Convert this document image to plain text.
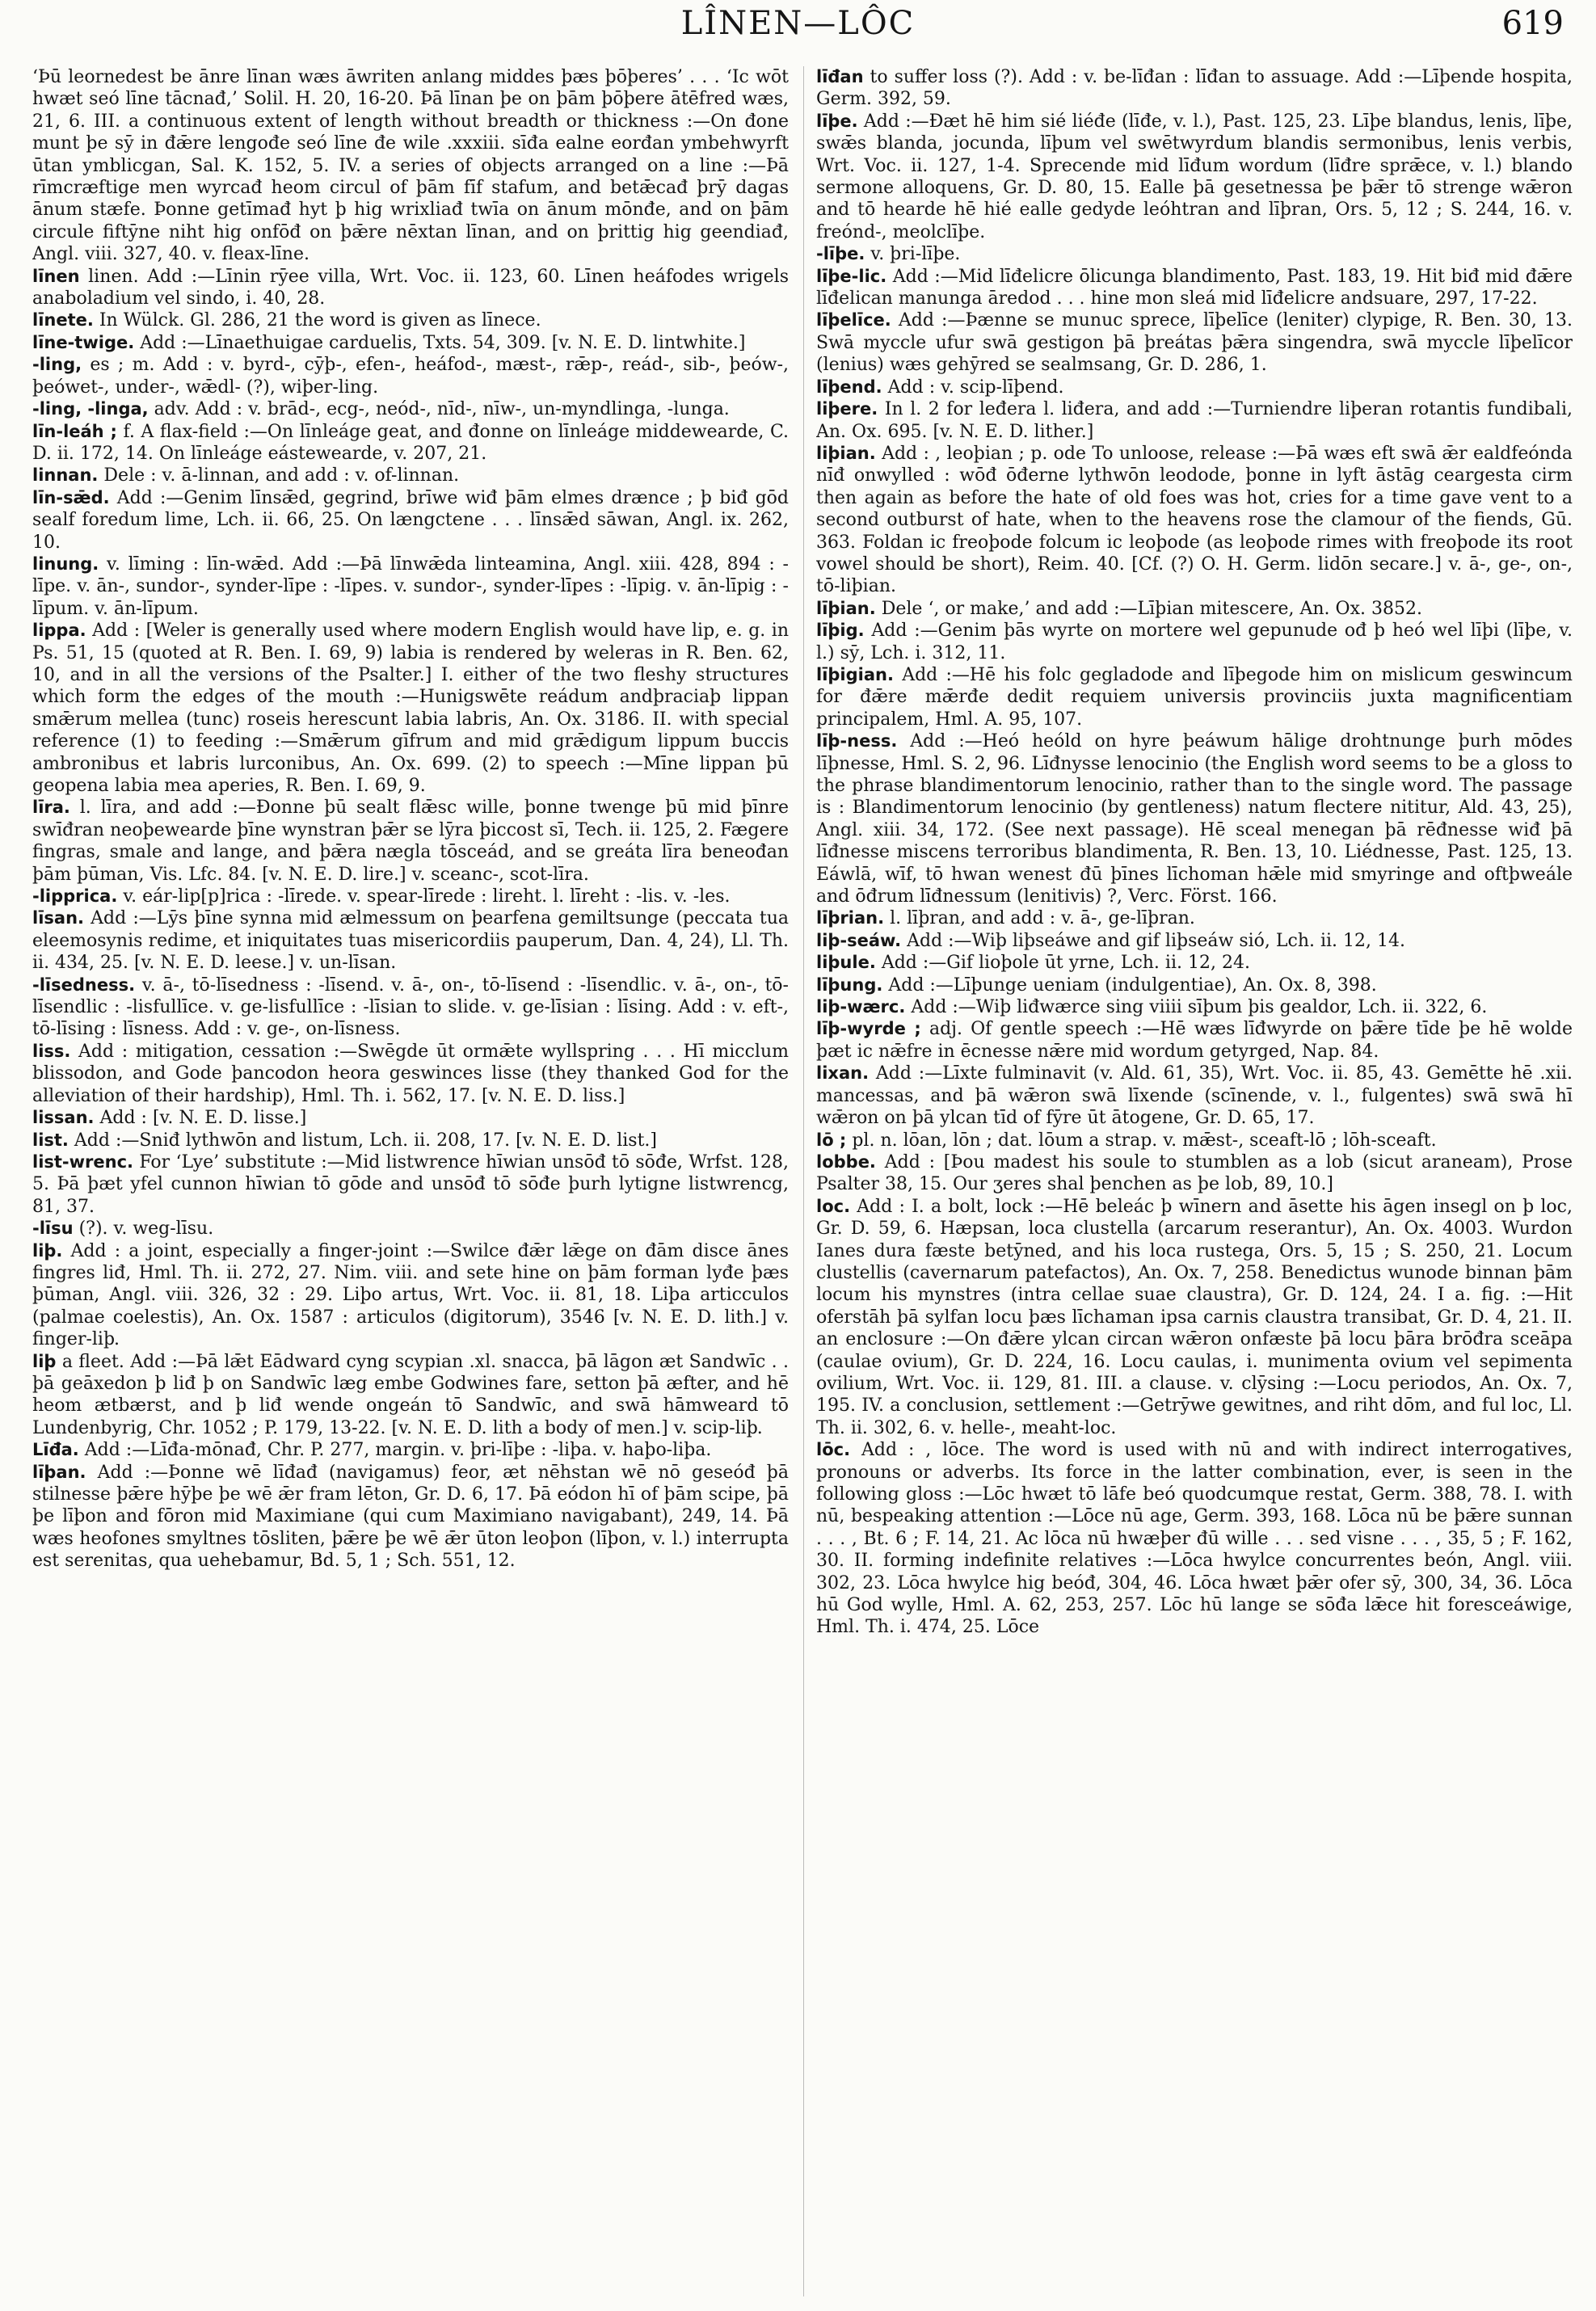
LÎNEN—LÔC	619

‘Þū leornedest be ānre līnan wæs āwriten anlang middes þæs þōþeres’ . . . ‘Ic wōt hwæt seó līne tācnađ,’ Solil. H. 20, 16-20. Þā līnan þe on þām þōþere ātēfred wæs, 21, 6. III. a continuous extent of length without breadth or thickness :—On đone munt þe sȳ in đǣre lengođe seó līne đe wile .xxxiii. sīđa ealne eorđan ymbehwyrft ūtan ymblicgan, Sal. K. 152, 5. IV. a series of objects arranged on a line :—Þā rīmcræftige men wyrcađ heom circul of þām fīf stafum, and betǣcađ þrȳ dagas ānum stæfe. Þonne getīmađ hyt þ hig wrixliađ twīa on ānum mōnđe, and on þām circule fiftȳne niht hig onfōđ on þǣre nēxtan līnan, and on þrittig hig geendiađ, Angl. viii. 327, 40. v. fleax-līne.

līnen linen. Add :—Līnin rȳee villa, Wrt. Voc. ii. 123, 60. Līnen heáfodes wrigels anaboladium vel sindo, i. 40, 28.

līnete. In Wülck. Gl. 286, 21 the word is given as līnece.

līne-twige. Add :—Līnaethuigae carduelis, Txts. 54, 309. [v. N. E. D. lintwhite.]

-ling, es ; m. Add : v. byrd-, cȳþ-, efen-, heáfod-, mæst-, rǣp-, reád-, sib-, þeów-, þeówet-, under-, wǣdl- (?), wiþer-ling.

-ling, -linga, adv. Add : v. brād-, ecg-, neód-, nīd-, nīw-, un-myndlinga, -lunga.

līn-leáh ; f. A flax-field :—On līnleáge geat, and đonne on līnleáge middewearde, C. D. ii. 172, 14. On līnleáge eástewearde, v. 207, 21.

linnan. Dele : v. ā-linnan, and add : v. of-linnan.

līn-sǣd. Add :—Genim līnsǣd, gegrind, brīwe wiđ þām elmes drænce ; þ biđ gōd sealf foredum lime, Lch. ii. 66, 25. On længctene . . . līnsǣd sāwan, Angl. ix. 262, 10.

linung. v. līming : līn-wǣd. Add :—Þā līnwǣda linteamina, Angl. xiii. 428, 894 : -līpe. v. ān-, sundor-, synder-līpe : -līpes. v. sundor-, synder-līpes : -līpig. v. ān-līpig : -līpum. v. ān-līpum.

lippa. Add : [Weler is generally used where modern English would have lip, e. g. in Ps. 51, 15 (quoted at R. Ben. I. 69, 9) labia is rendered by weleras in R. Ben. 62, 10, and in all the versions of the Psalter.] I. either of the two fleshy structures which form the edges of the mouth :—Hunigswēte reádum andþraciaþ lippan smǣrum mellea (tunc) roseis herescunt labia labris, An. Ox. 3186. II. with special reference (1) to feeding :—Smǣrum gīfrum and mid grǣdigum lippum buccis ambronibus et labris lurconibus, An. Ox. 699. (2) to speech :—Mīne lippan þū geopena labia mea aperies, R. Ben. I. 69, 9.

līra. l. līra, and add :—Đonne þū sealt flǣsc wille, þonne twenge þū mid þīnre swīđran neoþewearde þīne wynstran þǣr se lȳra þiccost sī, Tech. ii. 125, 2. Fægere fingras, smale and lange, and þǣra nægla tōsceád, and se greáta līra beneođan þām þūman, Vis. Lfc. 84. [v. N. E. D. lire.] v. sceanc-, scot-līra.

-lipprica. v. eár-lip[p]rica : -līrede. v. spear-līrede : lireht. l. līreht : -lis. v. -les.

līsan. Add :—Lȳs þīne synna mid ælmessum on þearfena gemiltsunge (peccata tua eleemosynis redime, et iniquitates tuas misericordiis pauperum, Dan. 4, 24), Ll. Th. ii. 434, 25. [v. N. E. D. leese.] v. un-līsan.

-līsedness. v. ā-, tō-līsedness : -līsend. v. ā-, on-, tō-līsend : -līsendlic. v. ā-, on-, tō-līsendlic : -lisfullīce. v. ge-lisfullīce : -līsian to slide. v. ge-līsian : līsing. Add : v. eft-, tō-līsing : līsness. Add : v. ge-, on-līsness.

liss. Add : mitigation, cessation :—Swēgde ūt ormǣte wyllspring . . . Hī micclum blissodon, and Gode þancodon heora geswinces lisse (they thanked God for the alleviation of their hardship), Hml. Th. i. 562, 17. [v. N. E. D. liss.]

lissan. Add : [v. N. E. D. lisse.]

list. Add :—Sniđ lythwōn and listum, Lch. ii. 208, 17. [v. N. E. D. list.]

list-wrenc. For ‘Lye’ substitute :—Mid listwrence hīwian unsōđ tō sōđe, Wrfst. 128, 5. Þā þæt yfel cunnon hīwian tō gōde and unsōđ tō sōđe þurh lytigne listwrencg, 81, 37.

-līsu (?). v. weg-līsu.

liþ. Add : a joint, especially a finger-joint :—Swilce đǣr lǣge on đām disce ānes fingres liđ, Hml. Th. ii. 272, 27. Nim. viii. and sete hine on þām forman lyđe þæs þūman, Angl. viii. 326, 32 : 29. Liþo artus, Wrt. Voc. ii. 81, 18. Liþa articculos (palmae coelestis), An. Ox. 1587 : articulos (digitorum), 3546 [v. N. E. D. lith.] v. finger-liþ.

liþ a fleet. Add :—Þā lǣt Eādward cyng scypian .xl. snacca, þā lāgon æt Sandwīc . . þā geāxedon þ liđ þ on Sandwīc læg embe Godwines fare, setton þā æfter, and hē heom ætbærst, and þ liđ wende ongeán tō Sandwīc, and swā hāmweard tō Lundenbyrig, Chr. 1052 ; P. 179, 13-22. [v. N. E. D. lith a body of men.] v. scip-liþ.

Līđa. Add :—Līđa-mōnađ, Chr. P. 277, margin. v. þri-līþe : -liþa. v. haþo-liþa.

līþan. Add :—Þonne wē līđađ (navigamus) feor, æt nēhstan wē nō geseóđ þā stilnesse þǣre hȳþe þe wē ǣr fram lēton, Gr. D. 6, 17. Þā eódon hī of þām scipe, þā þe līþon and fōron mid Maximiane (qui cum Maximiano navigabant), 249, 14. Þā wæs heofones smyltnes tōsliten, þǣre þe wē ǣr ūton leoþon (līþon, v. l.) interrupta est serenitas, qua uehebamur, Bd. 5, 1 ; Sch. 551, 12.

līđan to suffer loss (?). Add : v. be-līđan : līđan to assuage. Add :—Līþende hospita, Germ. 392, 59.

līþe. Add :—Đæt hē him sié liéđe (līđe, v. l.), Past. 125, 23. Līþe blandus, lenis, līþe, swǣs blanda, jocunda, līþum vel swētwyrdum blandis sermonibus, lenis verbis, Wrt. Voc. ii. 127, 1-4. Sprecende mid līđum wordum (līđre sprǣce, v. l.) blando sermone alloquens, Gr. D. 80, 15. Ealle þā gesetnessa þe þǣr tō strenge wǣron and tō hearde hē hié ealle gedyde leóhtran and līþran, Ors. 5, 12 ; S. 244, 16. v. freónd-, meolclīþe.

-līþe. v. þri-līþe.

līþe-lic. Add :—Mid līđelicre ōlicunga blandimento, Past. 183, 19. Hit biđ mid đǣre līđelican manunga āredod . . . hine mon sleá mid līđelicre andsuare, 297, 17-22.

līþelīce. Add :—Þænne se munuc sprece, līþelīce (leniter) clypige, R. Ben. 30, 13. Swā myccle ufur swā gestigon þā þreátas þǣra singendra, swā myccle līþelīcor (lenius) wæs gehȳred se sealmsang, Gr. D. 286, 1.

līþend. Add : v. scip-līþend.

liþere. In l. 2 for leđera l. liđera, and add :—Turniendre liþeran rotantis fundibali, An. Ox. 695. [v. N. E. D. lither.]

liþian. Add : , leoþian ; p. ode To unloose, release :—Þā wæs eft swā ǣr ealdfeónda nīđ onwylled : wōđ ōđerne lythwōn leodode, þonne in lyft āstāg ceargesta cirm then again as before the hate of old foes was hot, cries for a time gave vent to a second outburst of hate, when to the heavens rose the clamour of the fiends, Gū. 363. Foldan ic freoþode folcum ic leoþode (as leoþode rimes with freoþode its root vowel should be short), Reim. 40. [Cf. (?) O. H. Germ. lidōn secare.] v. ā-, ge-, on-, tō-liþian.

līþian. Dele ‘, or make,’ and add :—Līþian mitescere, An. Ox. 3852.

līþig. Add :—Genim þās wyrte on mortere wel gepunude ođ þ heó wel līþi (līþe, v. l.) sȳ, Lch. i. 312, 11.

līþigian. Add :—Hē his folc gegladode and līþegode him on mislicum geswincum for đǣre mǣrđe dedit requiem universis provinciis juxta magnificentiam principalem, Hml. A. 95, 107.

līþ-ness. Add :—Heó heóld on hyre þeáwum hālige drohtnunge þurh mōdes līþnesse, Hml. S. 2, 96. Līđnysse lenocinio (the English word seems to be a gloss to the phrase blandimentorum lenocinio, rather than to the single word. The passage is : Blandimentorum lenocinio (by gentleness) natum flectere nititur, Ald. 43, 25), Angl. xiii. 34, 172. (See next passage). Hē sceal menegan þā rēđnesse wiđ þā līđnesse miscens terroribus blandimenta, R. Ben. 13, 10. Liédnesse, Past. 125, 13. Eáwlā, wīf, tō hwan wenest đū þīnes līchoman hǣle mid smyringe and oftþweále and ōđrum līđnessum (lenitivis) ?, Verc. Först. 166.

līþrian. l. līþran, and add : v. ā-, ge-līþran.

liþ-seáw. Add :—Wiþ liþseáwe and gif liþseáw sió, Lch. ii. 12, 14.

liþule. Add :—Gif lioþole ūt yrne, Lch. ii. 12, 24.

līþung. Add :—Līþunge ueniam (indulgentiae), An. Ox. 8, 398.

liþ-wærc. Add :—Wiþ liđwærce sing viiii sīþum þis gealdor, Lch. ii. 322, 6.

līþ-wyrde ; adj. Of gentle speech :—Hē wæs līđwyrde on þǣre tīde þe hē wolde þæt ic nǣfre in ēcnesse nǣre mid wordum getyrged, Nap. 84.

lixan. Add :—Līxte fulminavit (v. Ald. 61, 35), Wrt. Voc. ii. 85, 43. Gemētte hē .xii. mancessas, and þā wǣron swā līxende (scīnende, v. l., fulgentes) swā swā hī wǣron on þā ylcan tīd of fȳre ūt ātogene, Gr. D. 65, 17.

lō ; pl. n. lōan, lōn ; dat. lōum a strap. v. mǣst-, sceaft-lō ; lōh-sceaft.

lobbe. Add : [Þou madest his soule to stumblen as a lob (sicut araneam), Prose Psalter 38, 15. Our ʒeres shal þenchen as þe lob, 89, 10.]

loc. Add : I. a bolt, lock :—Hē beleác þ wīnern and āsette his āgen insegl on þ loc, Gr. D. 59, 6. Hæpsan, loca clustella (arcarum reserantur), An. Ox. 4003. Wurdon Ianes dura fæste betȳned, and his loca rustega, Ors. 5, 15 ; S. 250, 21. Locum clustellis (cavernarum patefactos), An. Ox. 7, 258. Benedictus wunode binnan þām locum his mynstres (intra cellae suae claustra), Gr. D. 124, 24. I a. fig. :—Hit oferstāh þā sylfan locu þæs līchaman ipsa carnis claustra transibat, Gr. D. 4, 21. II. an enclosure :—On đǣre ylcan circan wǣron onfæste þā locu þāra brōđra sceāpa (caulae ovium), Gr. D. 224, 16. Locu caulas, i. munimenta ovium vel sepimenta ovilium, Wrt. Voc. ii. 129, 81. III. a clause. v. clȳsing :—Locu periodos, An. Ox. 7, 195. IV. a conclusion, settlement :—Getrȳwe gewitnes, and riht dōm, and ful loc, Ll. Th. ii. 302, 6. v. helle-, meaht-loc.

lōc. Add : , lōce. The word is used with nū and with indirect interrogatives, pronouns or adverbs. Its force in the latter combination, ever, is seen in the following gloss :—Lōc hwæt tō lāfe beó quodcumque restat, Germ. 388, 78. I. with nū, bespeaking attention :—Lōce nū age, Germ. 393, 168. Lōca nū be þǣre sunnan . . . , Bt. 6 ; F. 14, 21. Ac lōca nū hwæþer đū wille . . . sed visne . . . , 35, 5 ; F. 162, 30. II. forming indefinite relatives :—Lōca hwylce concurrentes beón, Angl. viii. 302, 23. Lōca hwylce hig beóđ, 304, 46. Lōca hwæt þǣr ofer sȳ, 300, 34, 36. Lōca hū God wylle, Hml. A. 62, 253, 257. Lōc hū lange se sōđa lǣce hit foresceáwige, Hml. Th. i. 474, 25. Lōce
